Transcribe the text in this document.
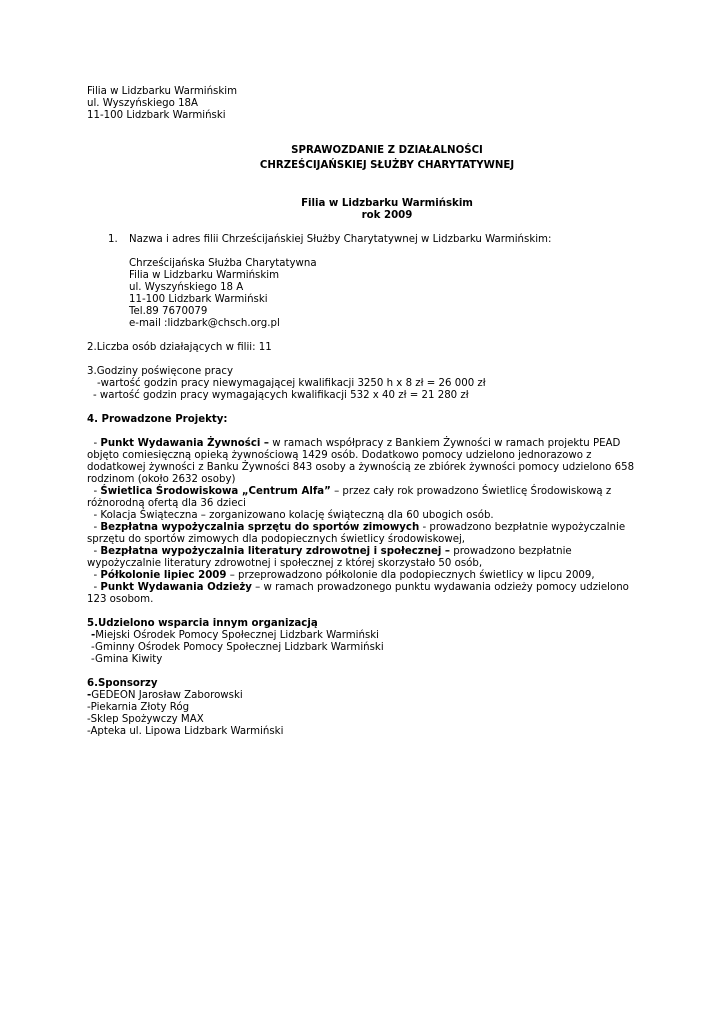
Filia w Lidzbarku Warmińskim
ul. Wyszyńskiego 18A
11-100 Lidzbark Warmiński
SPRAWOZDANIE Z DZIAŁALNOŚCI
CHRZEŚCIJAŃSKIEJ SŁUŻBY CHARYTATYWNEJ
Filia w Lidzbarku Warmińskim
rok 2009
1. Nazwa i adres filii Chrześcijańskiej Służby Charytatywnej w Lidzbarku Warmińskim:
Chrześcijańska Służba Charytatywna
Filia w Lidzbarku Warmińskim
ul. Wyszyńskiego 18 A
11-100 Lidzbark Warmiński
Tel.89 7670079
e-mail :lidzbark@chsch.org.pl
2.Liczba osób działających w filii: 11
3.Godziny poświęcone pracy
-wartość godzin pracy niewymagającej kwalifikacji 3250 h x 8 zł = 26 000 zł
- wartość godzin pracy wymagających kwalifikacji 532 x 40 zł = 21 280 zł
4. Prowadzone Projekty:
- Punkt Wydawania Żywności – w ramach współpracy z Bankiem Żywności w ramach projektu PEAD objęto comiesięczną opieką żywnościową 1429 osób. Dodatkowo pomocy udzielono jednorazowo z dodatkowej żywności z Banku Żywności 843 osoby a żywnością ze zbiórek żywności pomocy udzielono 658 rodzinom (około 2632 osoby)
- Świetlica Środowiskowa „Centrum Alfa” – przez cały rok prowadzono Świetlicę Środowiskową z różnorodną ofertą dla 36 dzieci
- Kolacja Świąteczna – zorganizowano kolację świąteczną dla 60 ubogich osób.
- Bezpłatna wypożyczalnia sprzętu do sportów zimowych - prowadzono bezpłatnie wypożyczalnie sprzętu do sportów zimowych dla podopiecznych świetlicy środowiskowej,
- Bezpłatna wypożyczalnia literatury zdrowotnej i społecznej – prowadzono bezpłatnie wypożyczalnie literatury zdrowotnej i społecznej z której skorzystało 50 osób,
- Półkolonie lipiec 2009 – przeprowadzono półkolonie dla podopiecznych świetlicy w lipcu 2009,
- Punkt Wydawania Odzieży – w ramach prowadzonego punktu wydawania odzieży pomocy udzielono 123 osobom.
5.Udzielono wsparcia innym organizacją
-Miejski Ośrodek Pomocy Społecznej Lidzbark Warmiński
-Gminny Ośrodek Pomocy Społecznej Lidzbark Warmiński
-Gmina Kiwity
6.Sponsorzy
-GEDEON Jarosław Zaborowski
-Piekarnia Złoty Róg
-Sklep Spożywczy MAX
-Apteka ul. Lipowa Lidzbark Warmiński
